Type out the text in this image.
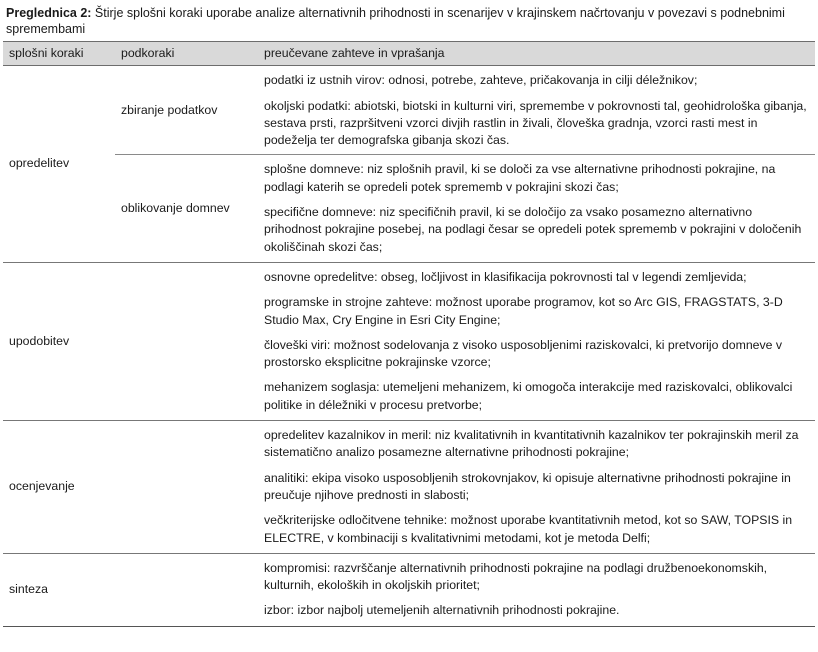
Preglednica 2: Štirje splošni koraki uporabe analize alternativnih prihodnosti in scenarijev v krajinskem načrtovanju v povezavi s podnebnimi spremembami
splošni koraki	podkoraki	preučevane zahteve in vprašanja
opredelitev	zbiranje podatkov	podatki iz ustnih virov: odnosi, potrebe, zahteve, pričakovanja in cilji déležnikov;

		okoljski podatki: abiotski, biotski in kulturni viri, spremembe v pokrovnosti tal, geohidrološka gibanja, sestava prsti, razpršitveni vzorci divjih rastlin in živali, človeška gradnja, vzorci rasti mest in podeželja ter demografska gibanja skozi čas.

	oblikovanje domnev	splošne domneve: niz splošnih pravil, ki se določi za vse alternativne prihodnosti pokrajine, na podlagi katerih se opredeli potek sprememb v pokrajini skozi čas;

		specifične domneve: niz specifičnih pravil, ki se določijo za vsako posamezno alternativno prihodnost pokrajine posebej, na podlagi česar se opredeli potek sprememb v pokrajini v določenih okoliščinah skozi čas;

upodobitev		osnovne opredelitve: obseg, ločljivost in klasifikacija pokrovnosti tal v legendi zemljevida;

		programske in strojne zahteve: možnost uporabe programov, kot so Arc GIS, FRAGSTATS, 3-D Studio Max, Cry Engine in Esri City Engine;

		človeški viri: možnost sodelovanja z visoko usposobljenimi raziskovalci, ki pretvorijo domneve v prostorsko eksplicitne pokrajinske vzorce;

		mehanizem soglasja: utemeljeni mehanizem, ki omogoča interakcije med raziskovalci, oblikovalci politike in déležniki v procesu pretvorbe;

ocenjevanje		opredelitev kazalnikov in meril: niz kvalitativnih in kvantitativnih kazalnikov ter pokrajinskih meril za sistematično analizo posamezne alternativne prihodnosti pokrajine;

		analitiki: ekipa visoko usposobljenih strokovnjakov, ki opisuje alternativne prihodnosti pokrajine in preučuje njihove prednosti in slabosti;

		večkriterijske odločitvene tehnike: možnost uporabe kvantitativnih metod, kot so SAW, TOPSIS in ELECTRE, v kombinaciji s kvalitativnimi metodami, kot je metoda Delfi;

sinteza		kompromisi: razvrščanje alternativnih prihodnosti pokrajine na podlagi družbenoekonomskih, kulturnih, ekoloških in okoljskih prioritet;

		izbor: izbor najbolj utemeljenih alternativnih prihodnosti pokrajine.
